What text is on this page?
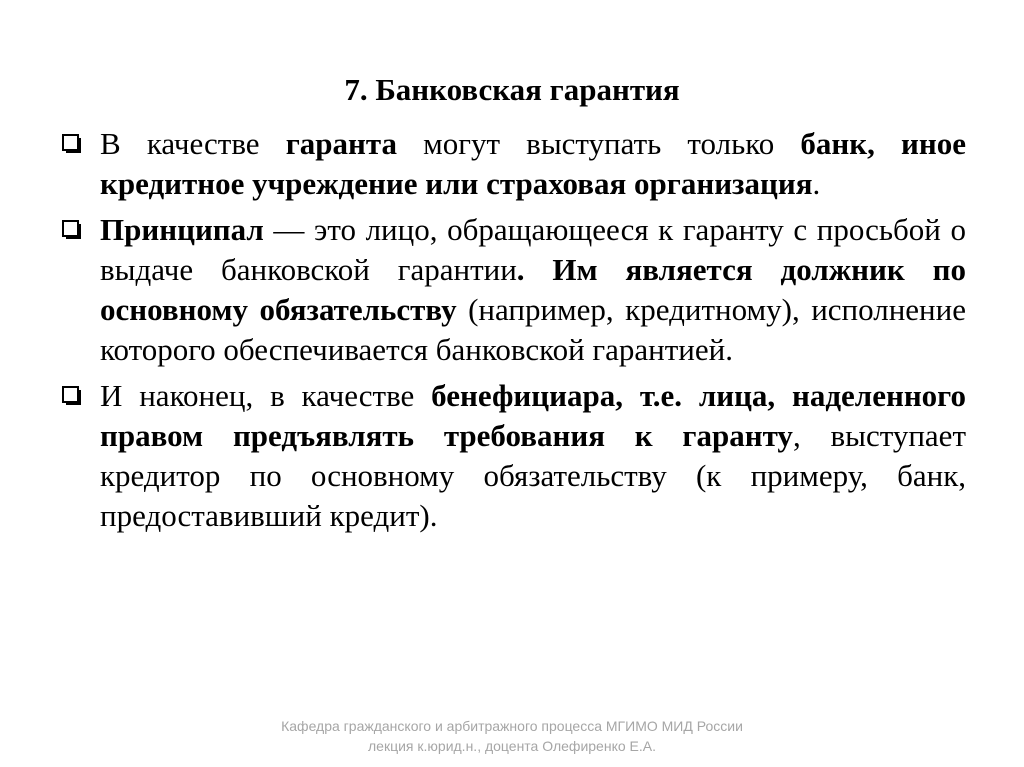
7. Банковская гарантия
В качестве гаранта могут выступать только банк, иное кредитное учреждение или страховая организация.
Принципал — это лицо, обращающееся к гаранту с просьбой о выдаче банковской гарантии. Им является должник по основному обязательству (например, кредитному), исполнение которого обеспечивается банковской гарантией.
И наконец, в качестве бенефициара, т.е. лица, наделенного правом предъявлять требования к гаранту, выступает кредитор по основному обязательству (к примеру, банк, предоставивший кредит).
Кафедра гражданского и арбитражного процесса МГИМО МИД России
лекция к.юрид.н., доцента Олефиренко Е.А.
